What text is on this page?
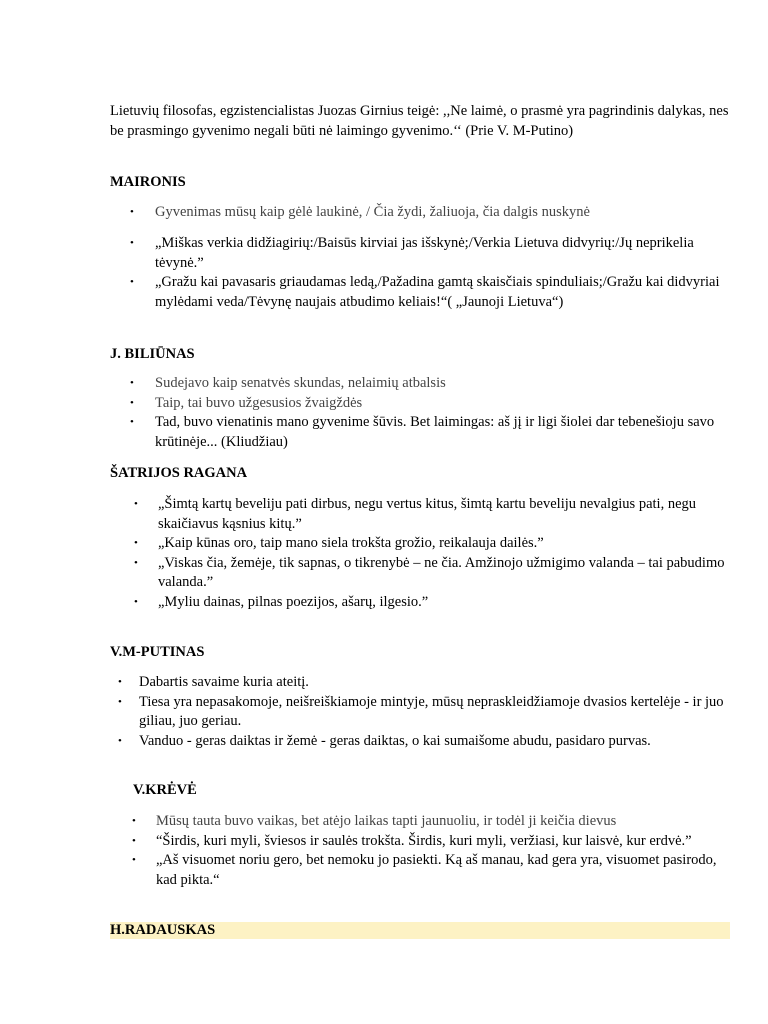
Lietuvių filosofas, egzistencialistas Juozas Girnius teigė: ,,Ne laimė, o prasmė yra pagrindinis dalykas, nes be prasmingo gyvenimo negali būti nė laimingo gyvenimo.‘‘ (Prie V. M-Putino)

MAIRONIS
• Gyvenimas mūsų kaip gėlė laukinė, / Čia žydi, žaliuoja, čia dalgis nuskynė
• „Miškas verkia didžiagirių:/Baisūs kirviai jas išskynė;/Verkia Lietuva didvyrių:/Jų neprikelia tėvynė.”
• „Gražu kai pavasaris griaudamas ledą,/Pažadina gamtą skaisčiais spinduliais;/Gražu kai didvyriai mylėdami veda/Tėvynę naujais atbudimo keliais!“( „Jaunoji Lietuva“)
J. BILIŪNAS
• Sudejavo kaip senatvės skundas, nelaimių atbalsis
• Taip, tai buvo užgesusios žvaigždės
• Tad, buvo vienatinis mano gyvenime šūvis. Bet laimingas: aš jį ir ligi šiolei dar tebenešioju savo krūtinėje... (Kliudžiau)
ŠATRIJOS RAGANA
• „Šimtą kartų beveliju pati dirbus, negu vertus kitus, šimtą kartu beveliju nevalgius pati, negu skaičiavus kąsnius kitų.”
• „Kaip kūnas oro, taip mano siela trokšta grožio, reikalauja dailės.”
• „Viskas čia, žemėje, tik sapnas, o tikrenybė – ne čia. Amžinojo užmigimo valanda – tai pabudimo valanda.”
• „Myliu dainas, pilnas poezijos, ašarų, ilgesio.”
V.M-PUTINAS
• Dabartis savaime kuria ateitį.
• Tiesa yra nepasakomoje, neišreiškiamoje mintyje, mūsų nepraskleidžiamoje dvasios kertelėje - ir juo giliau, juo geriau.
• Vanduo - geras daiktas ir žemė - geras daiktas, o kai sumaišome abudu, pasidaro purvas.
V.KRĖVĖ
• Mūsų tauta buvo vaikas, bet atėjo laikas tapti jaunuoliu, ir todėl ji keičia dievus
• “Širdis, kuri myli, šviesos ir saulės trokšta. Širdis, kuri myli, veržiasi, kur laisvė, kur erdvė.”
• „Aš visuomet noriu gero, bet nemoku jo pasiekti. Ką aš manau, kad gera yra, visuomet pasirodo, kad pikta.“
H.RADAUSKAS
